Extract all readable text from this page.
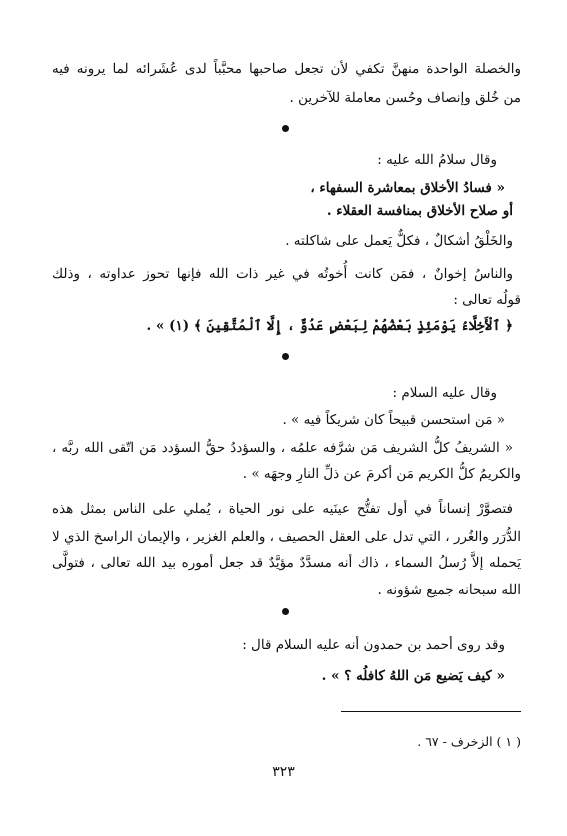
والخصلة الواحدة منهنَّ تكفي لأن تجعل صاحبها محبَّباً لدى عُشَرائه لما يرونه فيه
من خُلق وإنصاف وحُسن معاملة للآخرين .
وقال سلامُ الله عليه :
« فسادُ الأخلاق بمعاشرة السفهاء ،
أو صلاح الأخلاق بمنافسة العقلاء .
والخَلْقُ أشكالٌ ، فكلٌّ يَعمل على شاكلته .
والناسُ إخوانٌ ، فمَن كانت أُخوتُه في غير ذات الله فإنها تحوز عداوته ، وذلك
قولُه تعالى :
﴿ ٱلْأَخِلَّاءُ يَوْمَئِذٍ بَعْضُهُمْ لِبَعْضٍ عَدُوٌّ ، إِلَّا ٱلْمُتَّقِينَ ﴾ (١) » .
وقال عليه السلام :
« مَن استحسن قبيحاً كان شريكاً فيه » .
« الشريفُ كلُّ الشريف مَن شرَّفه علمُه ، والسؤددُ حقُّ السؤدد مَن اتّقى الله ربَّه ،
والكريمُ كلُّ الكريم مَن أكرمَ عن ذلِّ النارِ وجهَه » .
فتصوَّرْ إنساناً في أول تفتُّح عينَيه على نور الحياة ، يُملي على الناس بمثل هذه
الدُّرَر والغُرر ، التي تدل على العقل الحصيف ، والعلم الغزير ، والإيمان الراسخ الذي لا
يَحمله إلاَّ رُسلُ السماء ، ذاك أنه مسدَّدٌ مؤيَّدٌ قد جعل أموره بيد الله تعالى ، فتولَّى
الله سبحانه جميع شؤونه .
وقد روى أحمد بن حمدون أنه عليه السلام قال :
« كيف يَضيع مَن اللهُ كافلُه ؟ » .
( ١ ) الزخرف - ٦٧ .
٣٢٣
